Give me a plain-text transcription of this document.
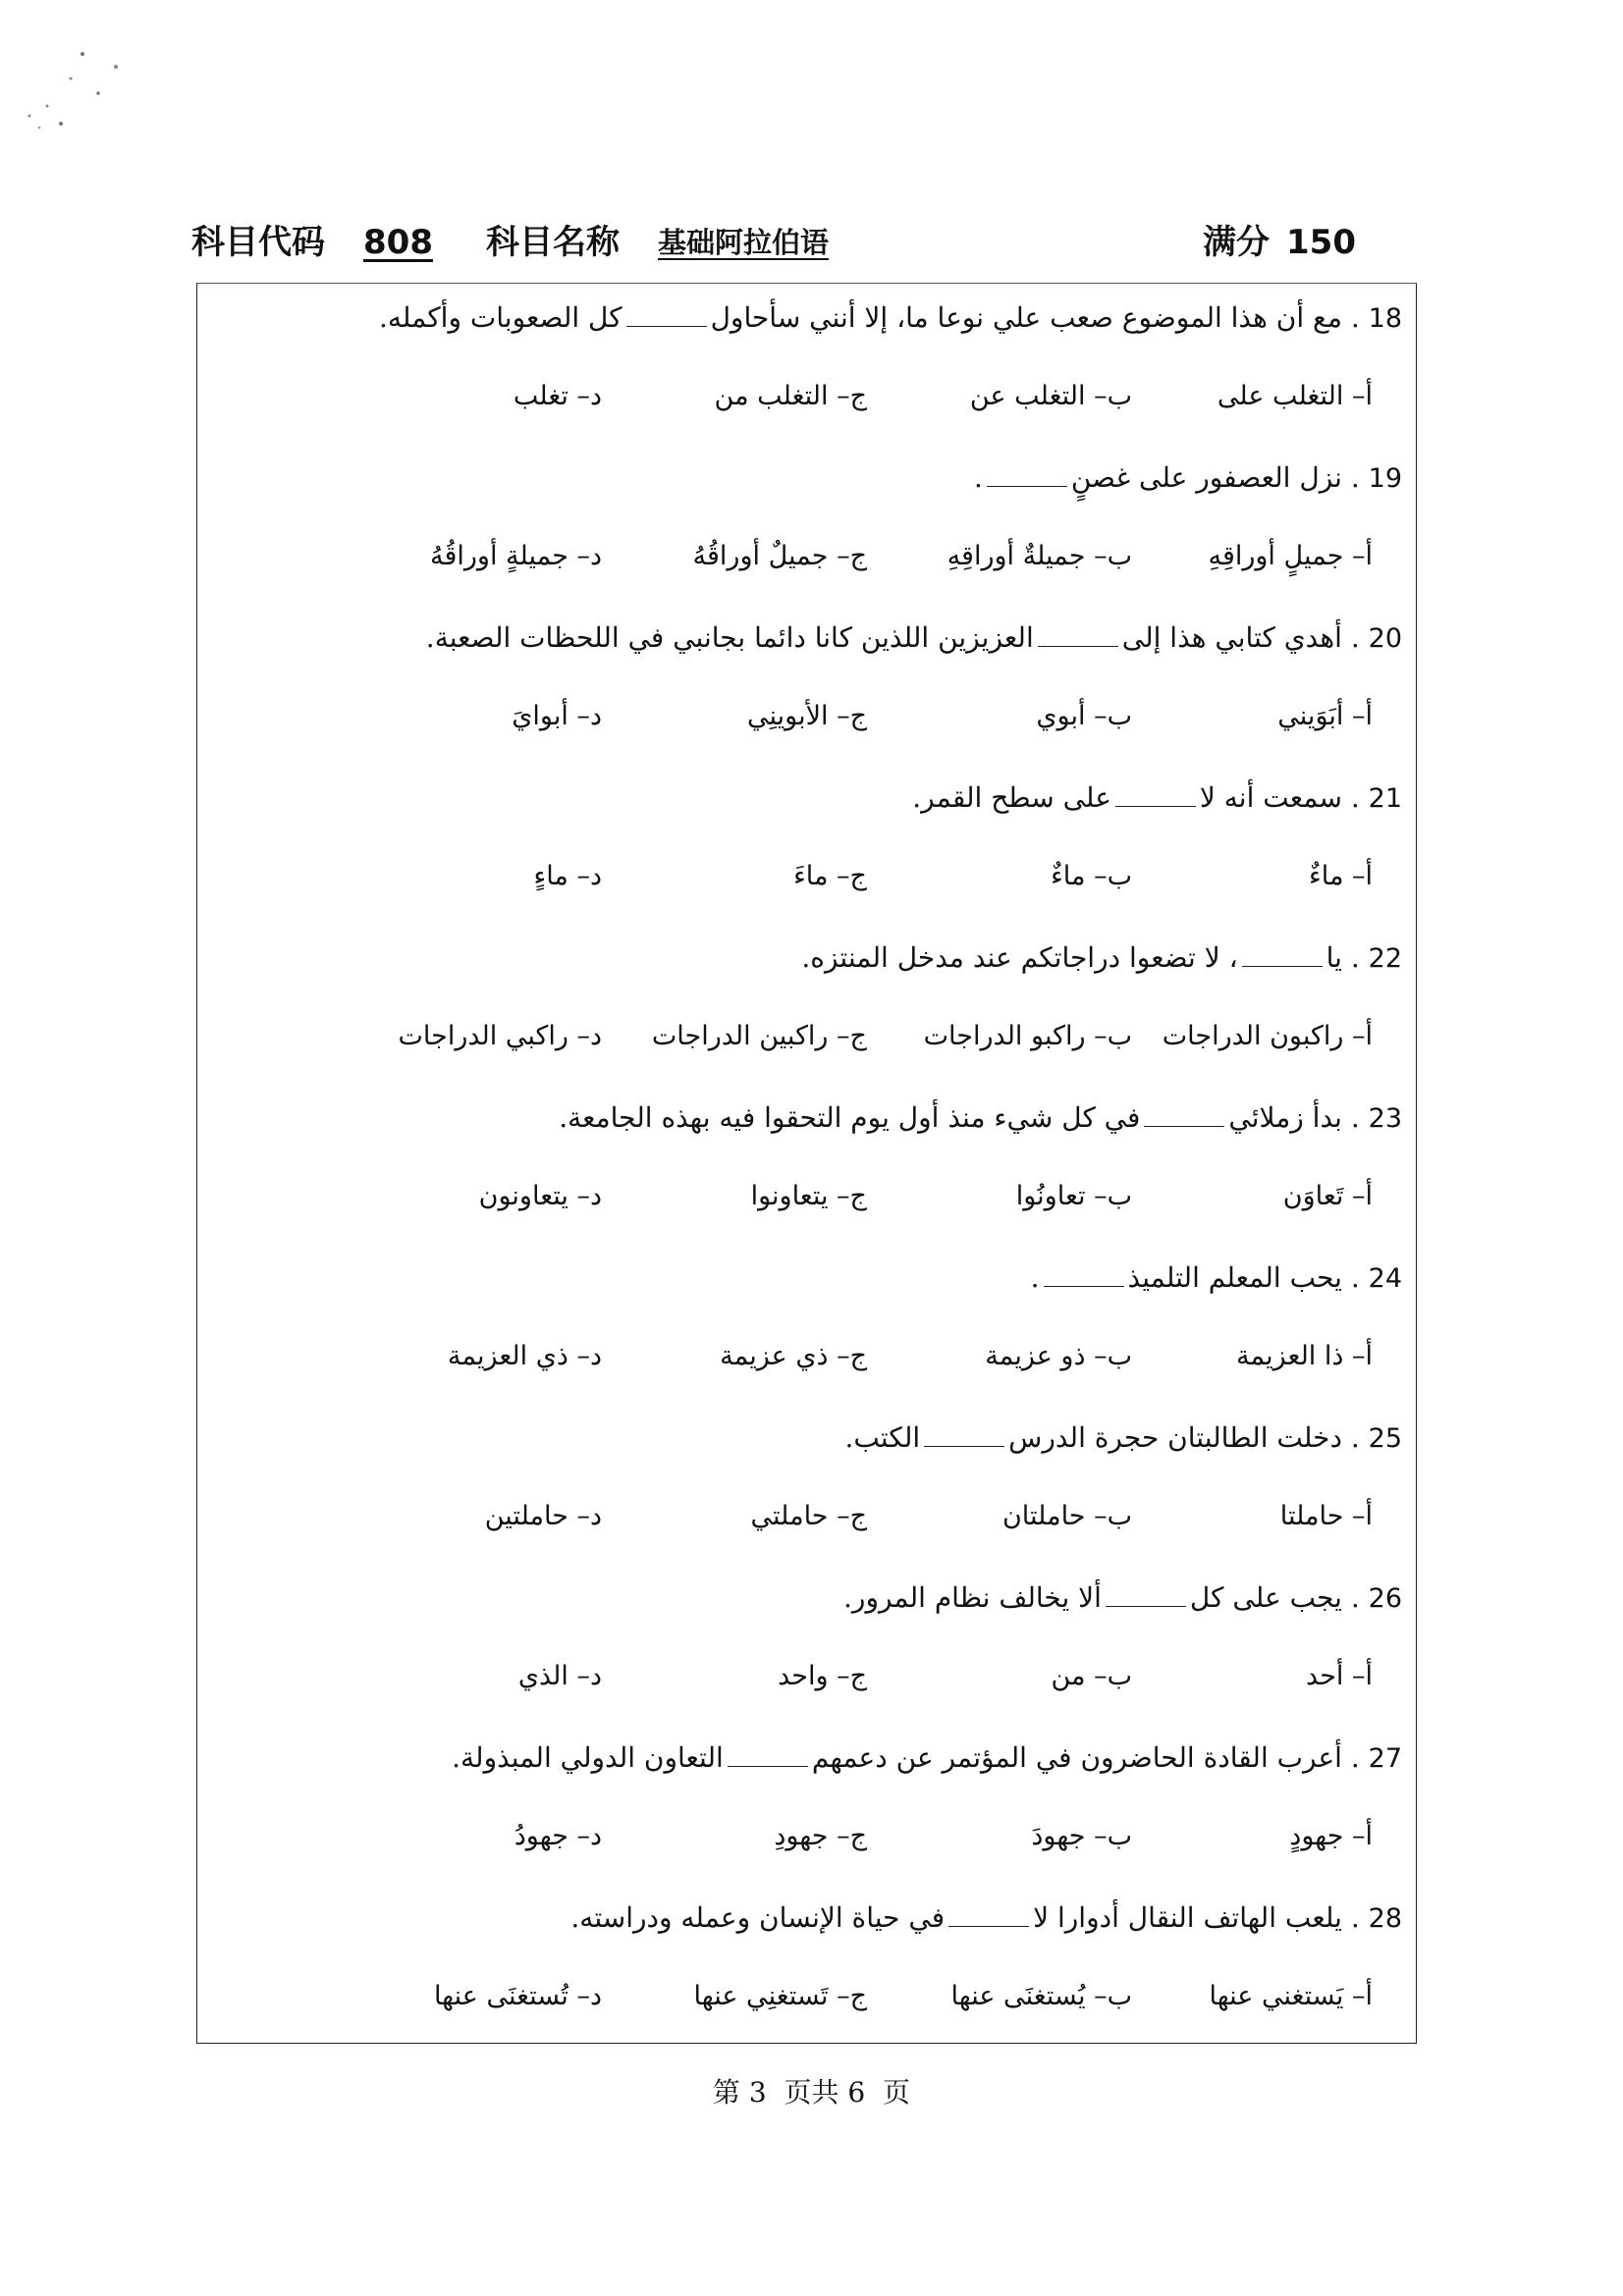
科目代码 808 科目名称 基础阿拉伯语	满分 150
18 . مع أن هذا الموضوع صعب علي نوعا ما، إلا أنني سأحاولكل الصعوبات وأكمله.
أ– التغلب على
ب– التغلب عن
ج– التغلب من
د– تغلب
19 . نزل العصفور على غصنٍ.
أ– جميلٍ أوراقِهِ
ب– جميلةٌ أوراقِهِ
ج– جميلٌ أوراقُهُ
د– جميلةٍ أوراقُهُ
20 . أهدي كتابي هذا إلىالعزيزين اللذين كانا دائما بجانبي في اللحظات الصعبة.
أ– أبَوَيني
ب– أبوي
ج– الأبوينِي
د– أبوايَ
21 . سمعت أنه لاعلى سطح القمر.
أ– ماءٌ
ب– ماءٌ
ج– ماءَ
د– ماءٍ
22 . يا، لا تضعوا دراجاتكم عند مدخل المنتزه.
أ– راكبون الدراجات
ب– راكبو الدراجات
ج– راكبين الدراجات
د– راكبي الدراجات
23 . بدأ زملائيفي كل شيء منذ أول يوم التحقوا فيه بهذه الجامعة.
أ– تَعاوَن
ب– تعاونُوا
ج– يتعاونوا
د– يتعاونون
24 . يحب المعلم التلميذ.
أ– ذا العزيمة
ب– ذو عزيمة
ج– ذي عزيمة
د– ذي العزيمة
25 . دخلت الطالبتان حجرة الدرسالكتب.
أ– حاملتا
ب– حاملتان
ج– حاملتي
د– حاملتين
26 . يجب على كلألا يخالف نظام المرور.
أ– أحد
ب– من
ج– واحد
د– الذي
27 . أعرب القادة الحاضرون في المؤتمر عن دعمهمالتعاون الدولي المبذولة.
أ– جهودٍ
ب– جهودَ
ج– جهودِ
د– جهودُ
28 . يلعب الهاتف النقال أدوارا لافي حياة الإنسان وعمله ودراسته.
أ– يَستغني عنها
ب– يُستغنَى عنها
ج– تَستغنِي عنها
د– تُستغنَى عنها
第 3 页共 6 页
